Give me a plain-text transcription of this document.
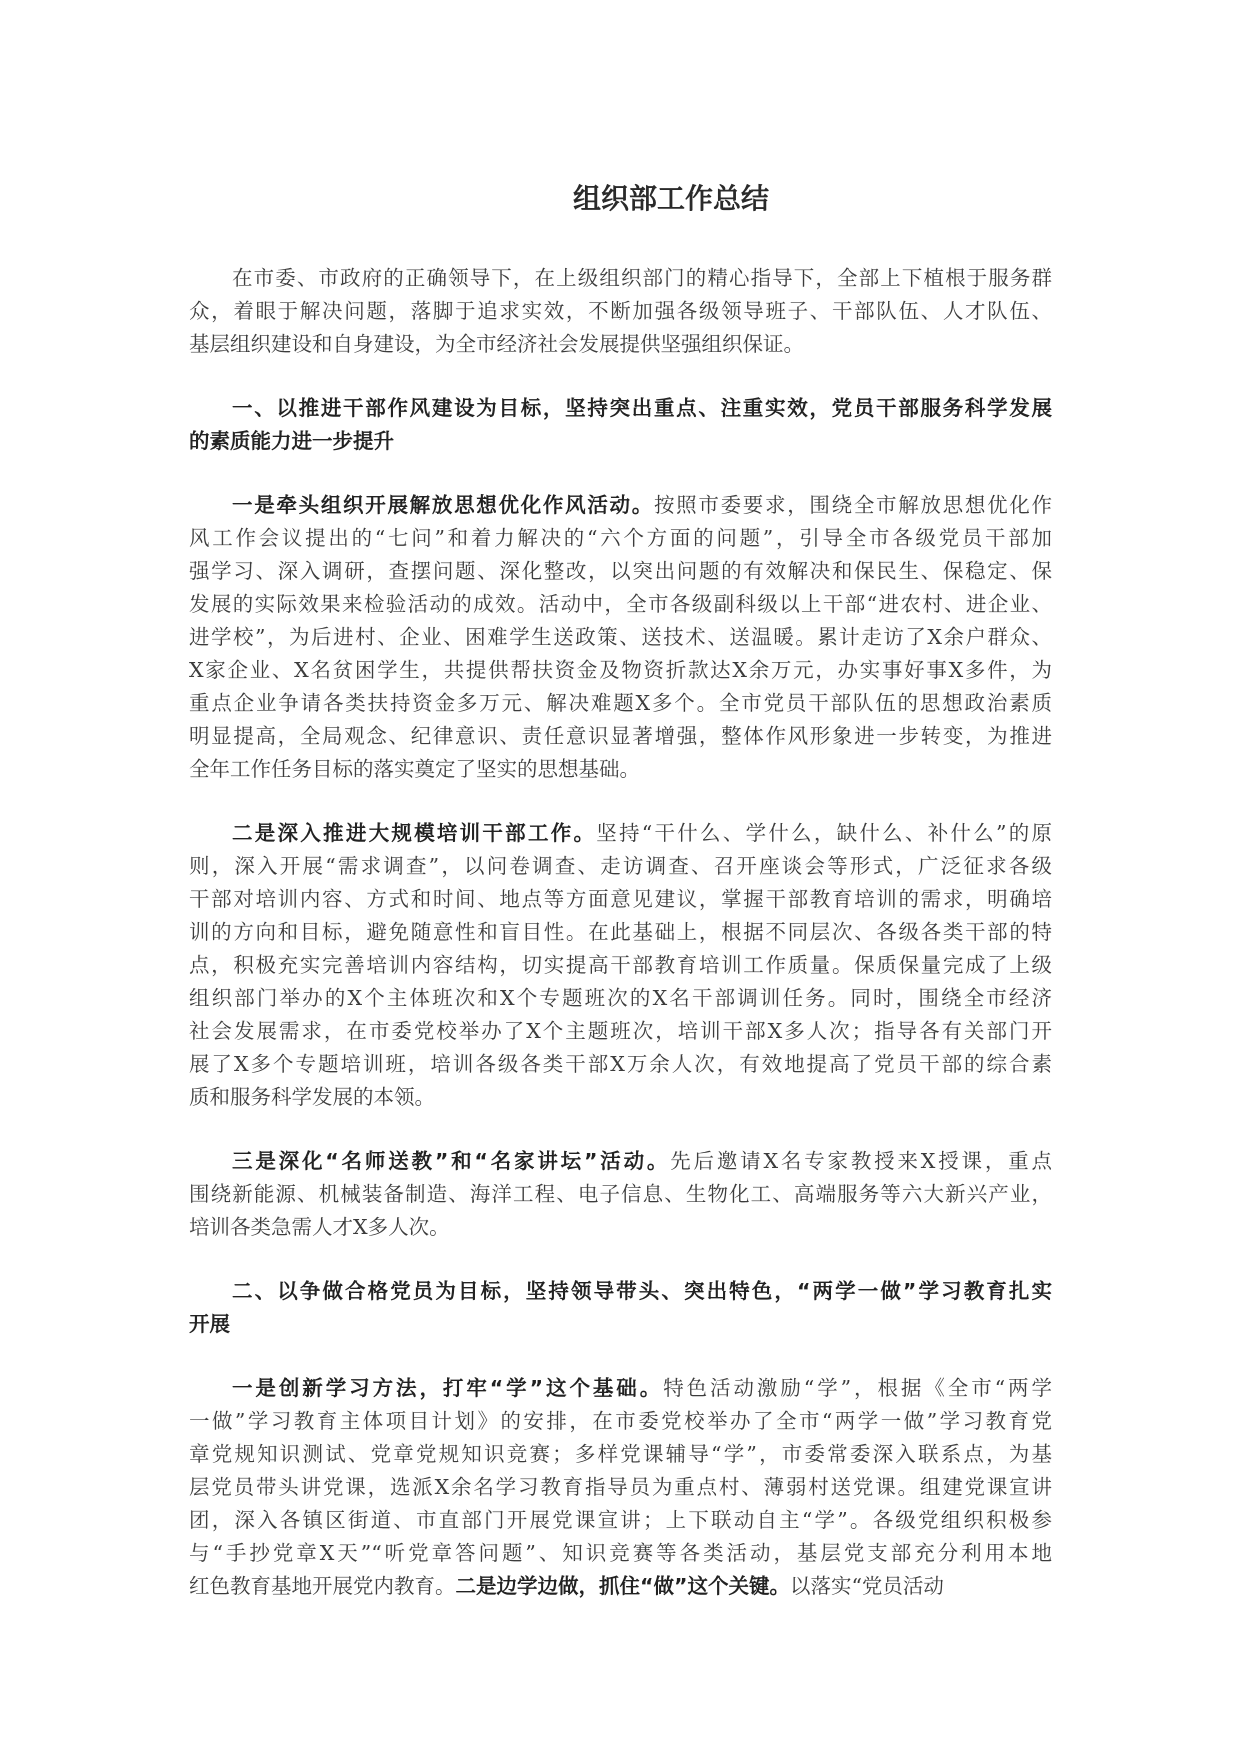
组织部工作总结
在市委、市政府的正确领导下，在上级组织部门的精心指导下，全部上下植根于服务群
众，着眼于解决问题，落脚于追求实效，不断加强各级领导班子、干部队伍、人才队伍、
基层组织建设和自身建设，为全市经济社会发展提供坚强组织保证。
一、以推进干部作风建设为目标，坚持突出重点、注重实效，党员干部服务科学发展
的素质能力进一步提升
一是牵头组织开展解放思想优化作风活动。按照市委要求，围绕全市解放思想优化作
风工作会议提出的“七问”和着力解决的“六个方面的问题”，引导全市各级党员干部加
强学习、深入调研，查摆问题、深化整改，以突出问题的有效解决和保民生、保稳定、保
发展的实际效果来检验活动的成效。活动中，全市各级副科级以上干部“进农村、进企业、
进学校”，为后进村、企业、困难学生送政策、送技术、送温暖。累计走访了X余户群众、
X家企业、X名贫困学生，共提供帮扶资金及物资折款达X余万元，办实事好事X多件，为
重点企业争请各类扶持资金多万元、解决难题X多个。全市党员干部队伍的思想政治素质
明显提高，全局观念、纪律意识、责任意识显著增强，整体作风形象进一步转变，为推进
全年工作任务目标的落实奠定了坚实的思想基础。
二是深入推进大规模培训干部工作。坚持“干什么、学什么，缺什么、补什么”的原
则，深入开展“需求调查”，以问卷调查、走访调查、召开座谈会等形式，广泛征求各级
干部对培训内容、方式和时间、地点等方面意见建议，掌握干部教育培训的需求，明确培
训的方向和目标，避免随意性和盲目性。在此基础上，根据不同层次、各级各类干部的特
点，积极充实完善培训内容结构，切实提高干部教育培训工作质量。保质保量完成了上级
组织部门举办的X个主体班次和X个专题班次的X名干部调训任务。同时，围绕全市经济
社会发展需求，在市委党校举办了X个主题班次，培训干部X多人次；指导各有关部门开
展了X多个专题培训班，培训各级各类干部X万余人次，有效地提高了党员干部的综合素
质和服务科学发展的本领。
三是深化“名师送教”和“名家讲坛”活动。先后邀请X名专家教授来X授课，重点
围绕新能源、机械装备制造、海洋工程、电子信息、生物化工、高端服务等六大新兴产业，
培训各类急需人才X多人次。
二、以争做合格党员为目标，坚持领导带头、突出特色，“两学一做”学习教育扎实
开展
一是创新学习方法，打牢“学”这个基础。特色活动激励“学”，根据《全市“两学
一做”学习教育主体项目计划》的安排，在市委党校举办了全市“两学一做”学习教育党
章党规知识测试、党章党规知识竞赛；多样党课辅导“学”，市委常委深入联系点，为基
层党员带头讲党课，选派X余名学习教育指导员为重点村、薄弱村送党课。组建党课宣讲
团，深入各镇区街道、市直部门开展党课宣讲；上下联动自主“学”。各级党组织积极参
与“手抄党章X天”“听党章答问题”、知识竞赛等各类活动，基层党支部充分利用本地
红色教育基地开展党内教育。二是边学边做，抓住“做”这个关键。以落实“党员活动
